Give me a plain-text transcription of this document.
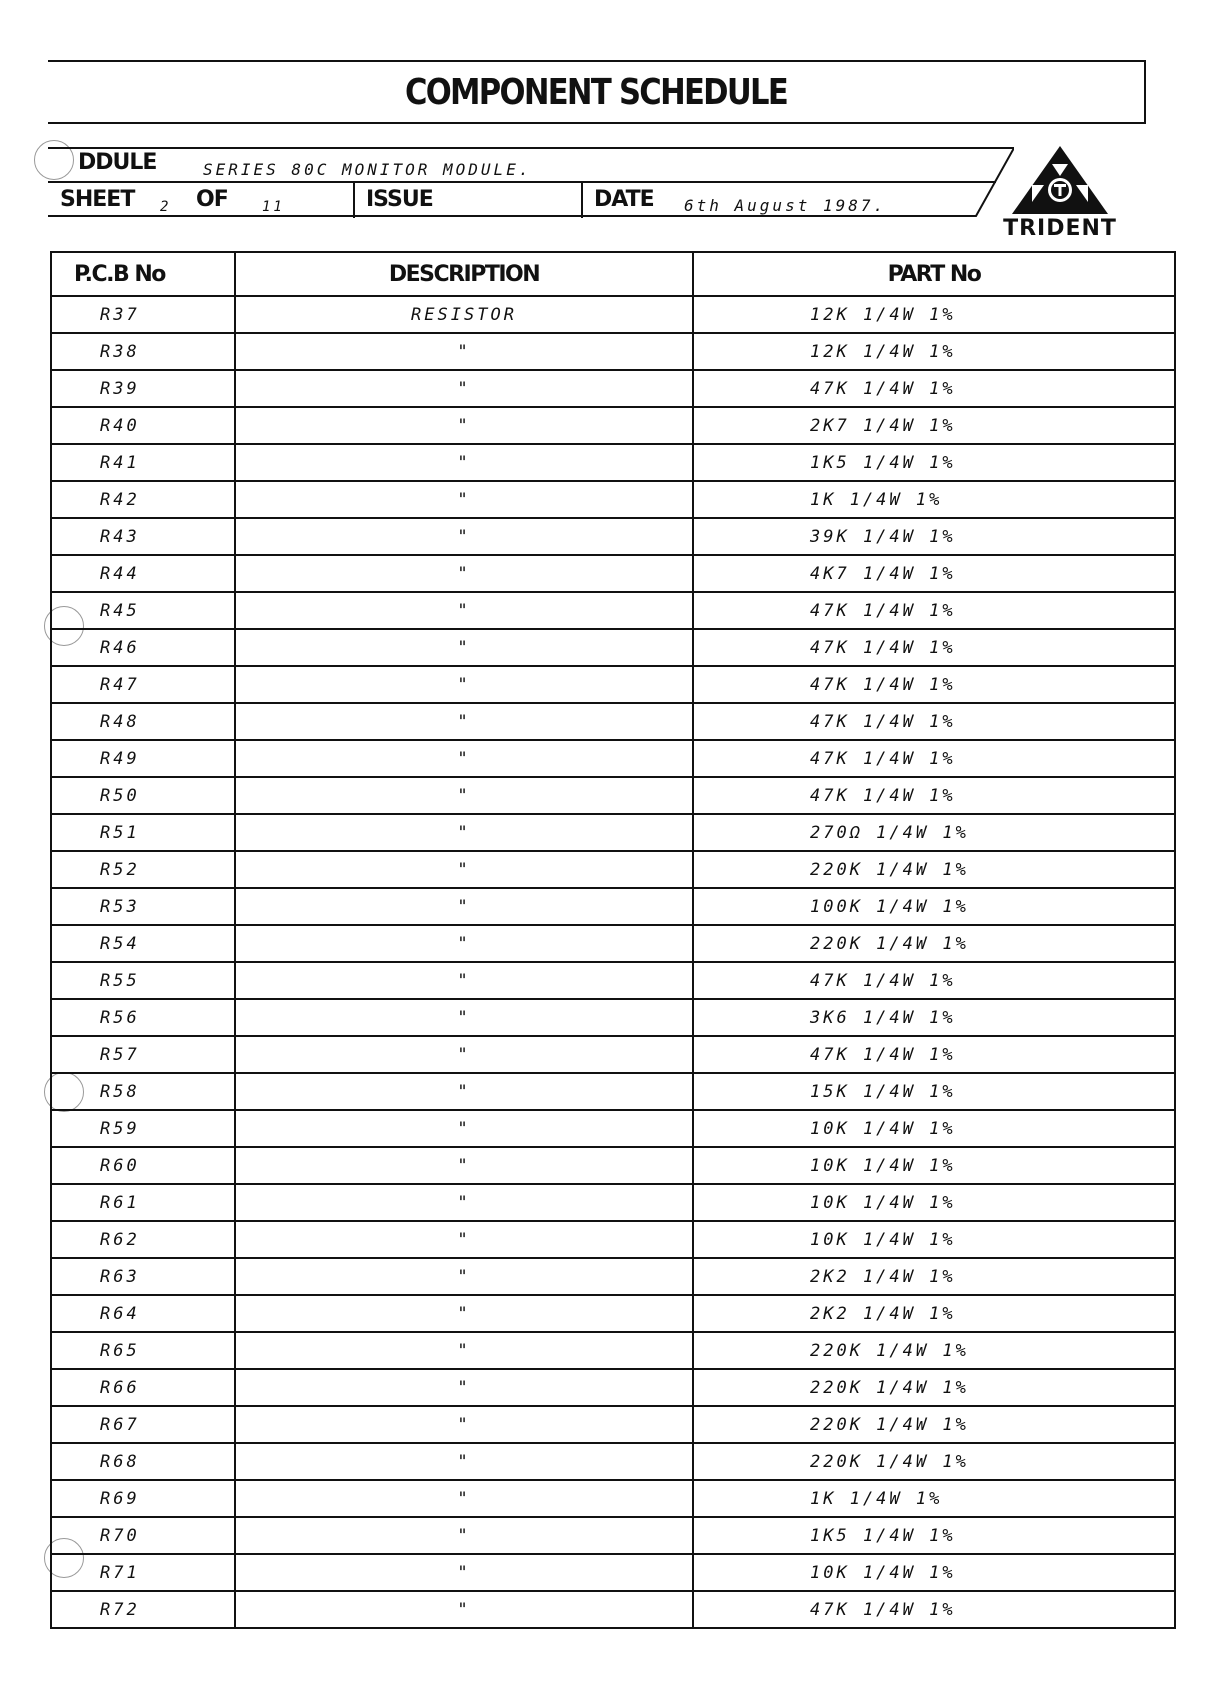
COMPONENT SCHEDULE
DDULE	SERIES 80C MONITOR MODULE.
SHEET 2 OF 11	ISSUE	DATE 6th August 1987.
TRIDENT
P.C.B No	DESCRIPTION	PART No
R37	RESISTOR	12K 1/4W 1%
R38	"	12K 1/4W 1%
R39	"	47K 1/4W 1%
R40	"	2K7 1/4W 1%
R41	"	1K5 1/4W 1%
R42	"	1K 1/4W 1%
R43	"	39K 1/4W 1%
R44	"	4K7 1/4W 1%
R45	"	47K 1/4W 1%
R46	"	47K 1/4W 1%
R47	"	47K 1/4W 1%
R48	"	47K 1/4W 1%
R49	"	47K 1/4W 1%
R50	"	47K 1/4W 1%
R51	"	270Ω 1/4W 1%
R52	"	220K 1/4W 1%
R53	"	100K 1/4W 1%
R54	"	220K 1/4W 1%
R55	"	47K 1/4W 1%
R56	"	3K6 1/4W 1%
R57	"	47K 1/4W 1%
R58	"	15K 1/4W 1%
R59	"	10K 1/4W 1%
R60	"	10K 1/4W 1%
R61	"	10K 1/4W 1%
R62	"	10K 1/4W 1%
R63	"	2K2 1/4W 1%
R64	"	2K2 1/4W 1%
R65	"	220K 1/4W 1%
R66	"	220K 1/4W 1%
R67	"	220K 1/4W 1%
R68	"	220K 1/4W 1%
R69	"	1K 1/4W 1%
R70	"	1K5 1/4W 1%
R71	"	10K 1/4W 1%
R72	"	47K 1/4W 1%
